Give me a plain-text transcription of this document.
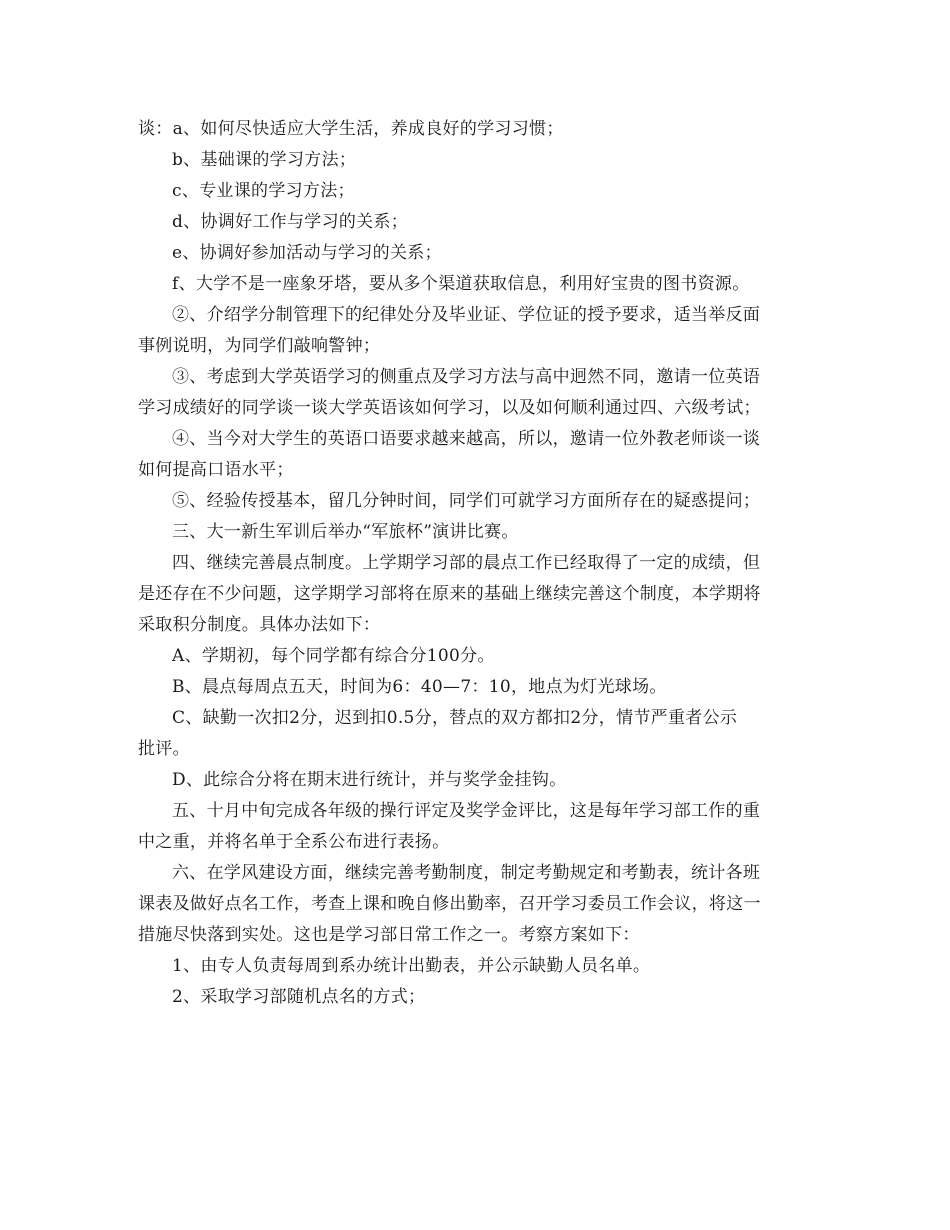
谈：a、如何尽快适应大学生活，养成良好的学习习惯；
b、基础课的学习方法；
c、专业课的学习方法；
d、协调好工作与学习的关系；
e、协调好参加活动与学习的关系；
f、大学不是一座象牙塔，要从多个渠道获取信息，利用好宝贵的图书资源。
②、介绍学分制管理下的纪律处分及毕业证、学位证的授予要求，适当举反面
事例说明，为同学们敲响警钟；
③、考虑到大学英语学习的侧重点及学习方法与高中迥然不同，邀请一位英语
学习成绩好的同学谈一谈大学英语该如何学习，以及如何顺利通过四、六级考试；
④、当今对大学生的英语口语要求越来越高，所以，邀请一位外教老师谈一谈
如何提高口语水平；
⑤、经验传授基本，留几分钟时间，同学们可就学习方面所存在的疑惑提问；
三、大一新生军训后举办“军旅杯”演讲比赛。
四、继续完善晨点制度。上学期学习部的晨点工作已经取得了一定的成绩，但
是还存在不少问题，这学期学习部将在原来的基础上继续完善这个制度，本学期将
采取积分制度。具体办法如下：
A、学期初，每个同学都有综合分100分。
B、晨点每周点五天，时间为6：40—7：10，地点为灯光球场。
C、缺勤一次扣2分，迟到扣0.5分，替点的双方都扣2分，情节严重者公示
批评。
D、此综合分将在期末进行统计，并与奖学金挂钩。
五、十月中旬完成各年级的操行评定及奖学金评比，这是每年学习部工作的重
中之重，并将名单于全系公布进行表扬。
六、在学风建设方面，继续完善考勤制度，制定考勤规定和考勤表，统计各班
课表及做好点名工作，考查上课和晚自修出勤率，召开学习委员工作会议，将这一
措施尽快落到实处。这也是学习部日常工作之一。考察方案如下：
1、由专人负责每周到系办统计出勤表，并公示缺勤人员名单。
2、采取学习部随机点名的方式；
